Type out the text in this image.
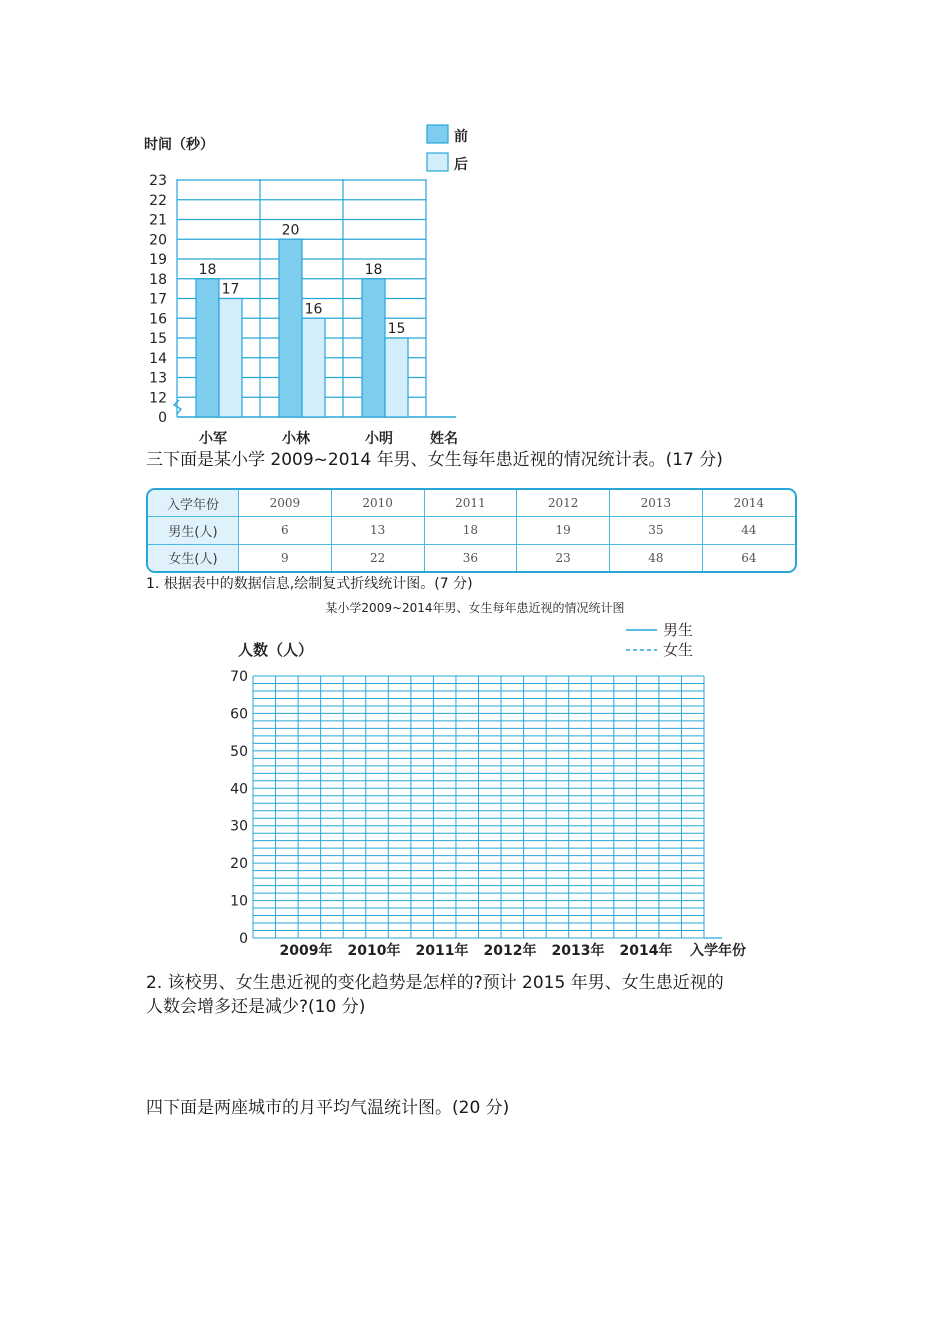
0
12
13
14
15
16
17
18
19
20
21
22
23
18
17
20
16
18
15
小军	小林	小明
时间（秒）
姓名
前
后
三下面是某小学 2009~2014 年男、女生每年患近视的情况统计表。(17 分)
入学年份	2009	2010	2011	2012	2013	2014
男生(人)	6	13	18	19	35	44
女生(人)	9	22	36	23	48	64
1. 根据表中的数据信息,绘制复式折线统计图。(7 分)
某小学2009~2014年男、女生每年患近视的情况统计图
人数（人）
男生
女生
0
10
20
30
40
50
60
70
2009年 2010年 2011年 2012年 2013年 2014年 入学年份
2. 该校男、女生患近视的变化趋势是怎样的?预计 2015 年男、女生患近视的
人数会增多还是减少?(10 分)
四下面是两座城市的月平均气温统计图。(20 分)
